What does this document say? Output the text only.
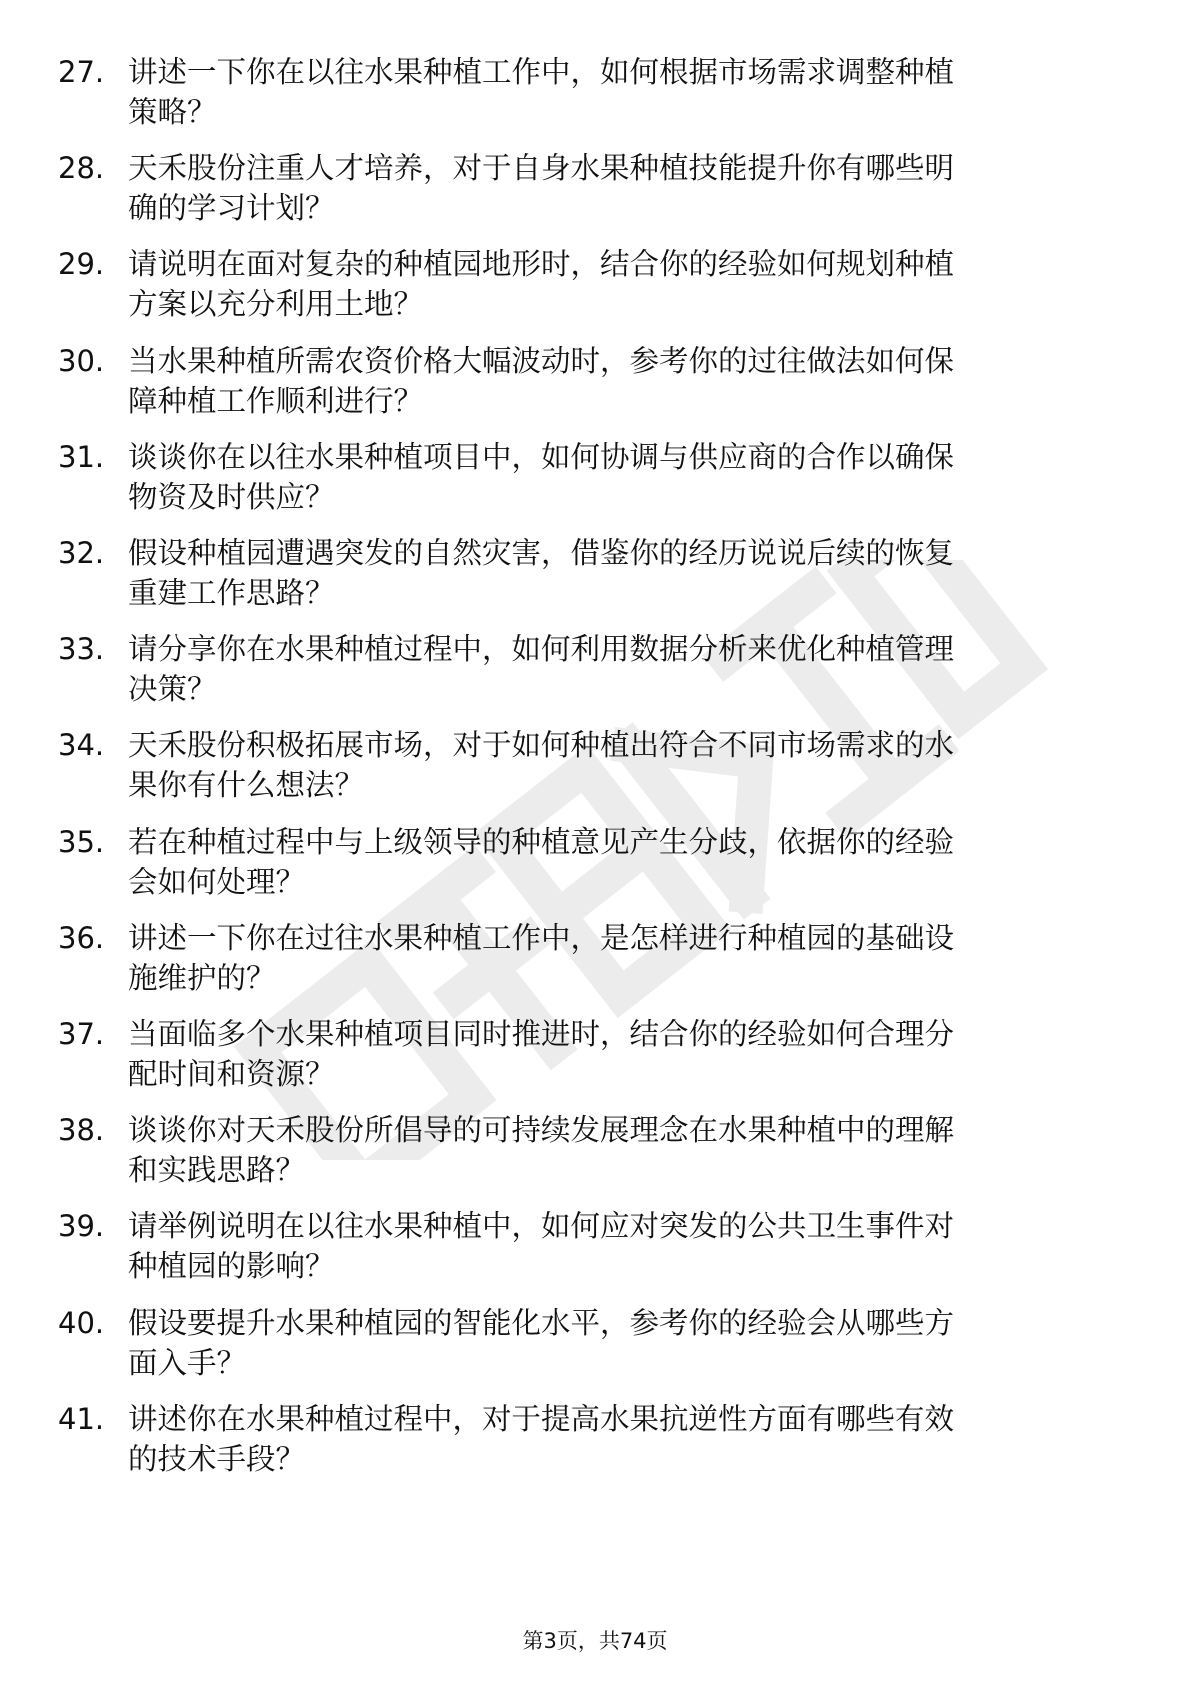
27. 讲述一下你在以往水果种植工作中，如何根据市场需求调整种植
策略？
28. 天禾股份注重人才培养，对于自身水果种植技能提升你有哪些明
确的学习计划？
29. 请说明在面对复杂的种植园地形时，结合你的经验如何规划种植
方案以充分利用土地？
30. 当水果种植所需农资价格大幅波动时，参考你的过往做法如何保
障种植工作顺利进行？
31. 谈谈你在以往水果种植项目中，如何协调与供应商的合作以确保
物资及时供应？
32. 假设种植园遭遇突发的自然灾害，借鉴你的经历说说后续的恢复
重建工作思路？
33. 请分享你在水果种植过程中，如何利用数据分析来优化种植管理
决策？
34. 天禾股份积极拓展市场，对于如何种植出符合不同市场需求的水
果你有什么想法？
35. 若在种植过程中与上级领导的种植意见产生分歧，依据你的经验
会如何处理？
36. 讲述一下你在过往水果种植工作中，是怎样进行种植园的基础设
施维护的？
37. 当面临多个水果种植项目同时推进时，结合你的经验如何合理分
配时间和资源？
38. 谈谈你对天禾股份所倡导的可持续发展理念在水果种植中的理解
和实践思路？
39. 请举例说明在以往水果种植中，如何应对突发的公共卫生事件对
种植园的影响？
40. 假设要提升水果种植园的智能化水平，参考你的经验会从哪些方
面入手？
41. 讲述你在水果种植过程中，对于提高水果抗逆性方面有哪些有效
的技术手段？
第3页，共74页
